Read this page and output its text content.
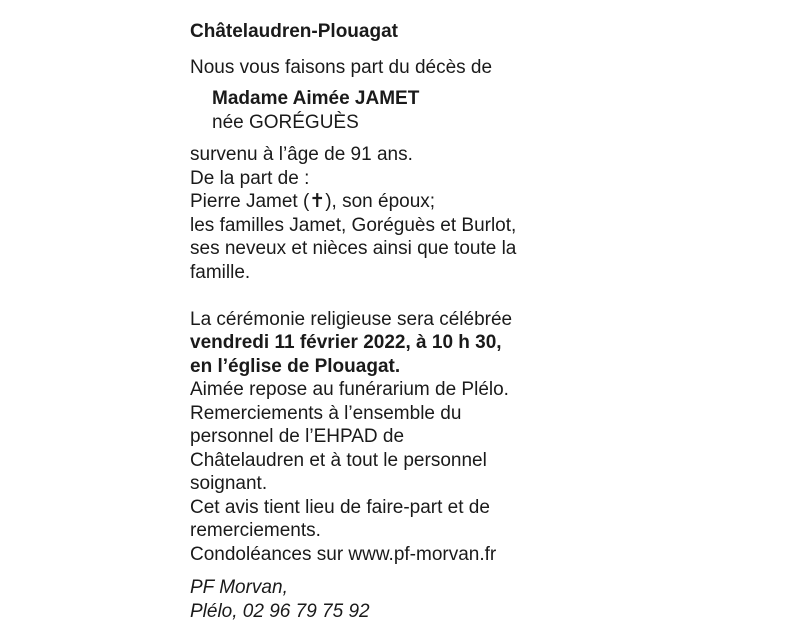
Châtelaudren-Plouagat
Nous vous faisons part du décès de
Madame Aimée JAMET
née GORÉGUÈS
survenu à l’âge de 91 ans.
De la part de :
Pierre Jamet (✝), son époux;
les familles Jamet, Goréguès et Burlot,
ses neveux et nièces ainsi que toute la
famille.
La cérémonie religieuse sera célébrée
vendredi 11 février 2022, à 10 h 30,
en l’église de Plouagat.
Aimée repose au funérarium de Plélo.
Remerciements à l’ensemble du
personnel de l’EHPAD de
Châtelaudren et à tout le personnel
soignant.
Cet avis tient lieu de faire-part et de
remerciements.
Condoléances sur www.pf-morvan.fr
PF Morvan,
Plélo, 02 96 79 75 92
